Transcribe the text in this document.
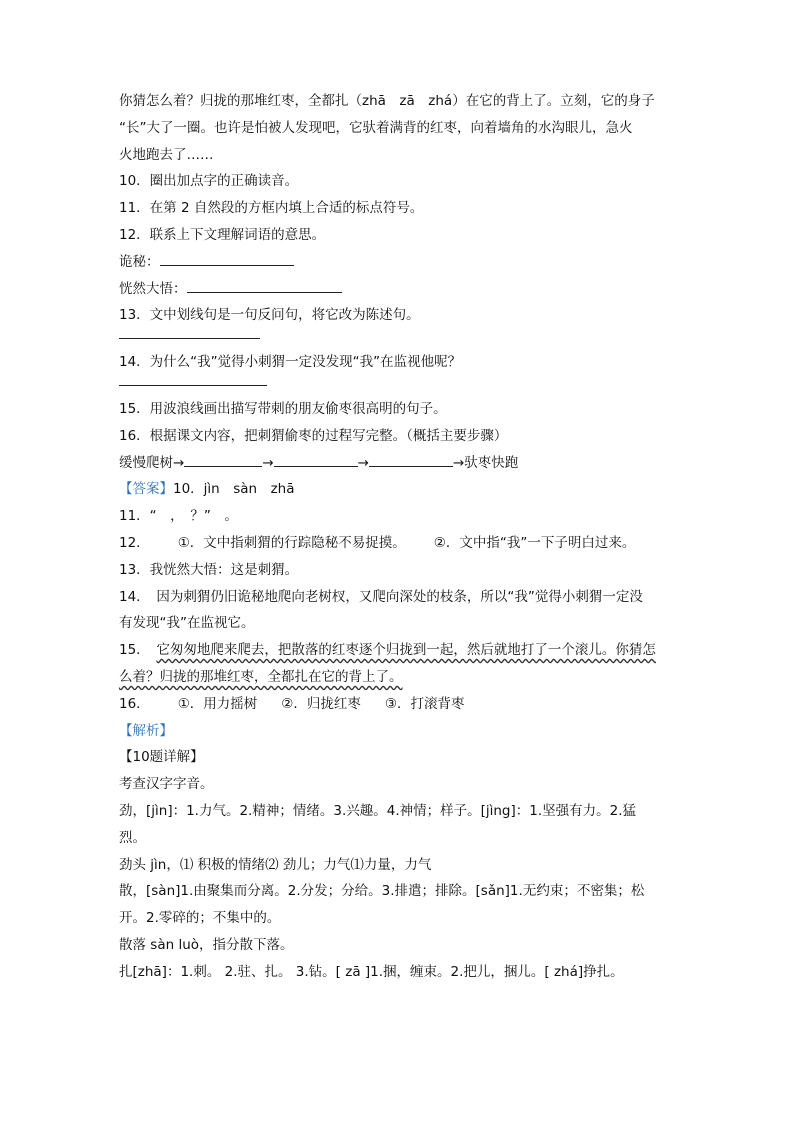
你猜怎么着？归拢的那堆红枣，全都扎（zhā　zā　zhá）在它的背上了。立刻，它的身子
“长”大了一圈。也许是怕被人发现吧，它驮着满背的红枣，向着墙角的水沟眼儿，急火
火地跑去了……
10．圈出加点字的正确读音。
11．在第 2 自然段的方框内填上合适的标点符号。
12．联系上下文理解词语的意思。
诡秘：
恍然大悟：
13．文中划线句是一句反问句，将它改为陈述句。
14．为什么“我”觉得小刺猬一定没发现“我”在监视他呢？
15．用波浪线画出描写带刺的朋友偷枣很高明的句子。
16．根据课文内容，把刺猬偷枣的过程写完整。（概括主要步骤）
缓慢爬树→	→	→	→驮枣快跑
【答案】10．jìn　sàn　zhā
11．“　，　？”　。
12． ①．文中指刺猬的行踪隐秘不易捉摸。 ②．文中指“我”一下子明白过来。
13．我恍然大悟：这是刺猬。
14．　因为刺猬仍旧诡秘地爬向老树杈，又爬向深处的枝条，所以“我”觉得小刺猬一定没
有发现“我”在监视它。
15．　它匆匆地爬来爬去，把散落的红枣逐个归拢到一起，然后就地打了一个滚儿。你猜怎
么着？归拢的那堆红枣，全都扎在它的背上了。
16． ①．用力摇树 ②．归拢红枣 ③．打滚背枣
【解析】
【10题详解】
考查汉字字音。
劲，[jìn]：1.力气。2.精神；情绪。3.兴趣。4.神情；样子。[jìng]：1.坚强有力。2.猛
烈。
劲头 jìn，⑴ 积极的情绪⑵ 劲儿；力气⑴力量，力气
散，[sàn]1.由聚集而分离。2.分发；分给。3.排遣；排除。[sǎn]1.无约束；不密集；松
开。2.零碎的；不集中的。
散落 sàn luò，指分散下落。
扎[zhā]：1.刺。 2.驻、扎。 3.钻。[ zā ]1.捆，缠束。2.把儿，捆儿。[ zhá]挣扎。
